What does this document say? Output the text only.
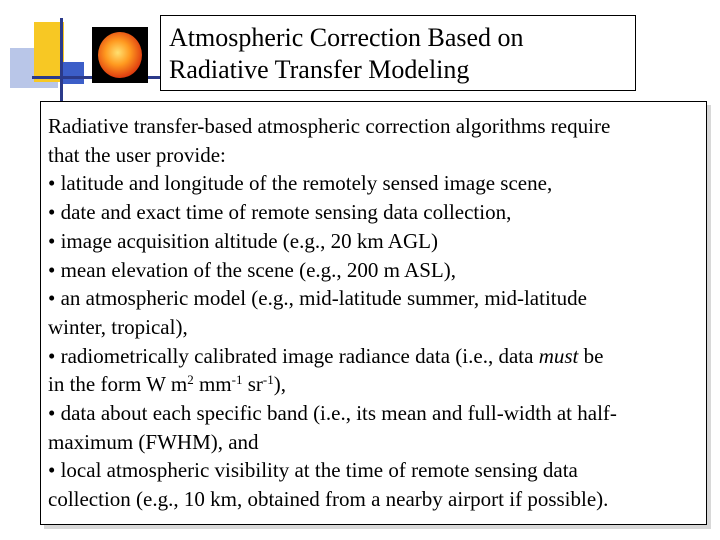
Atmospheric Correction Based on
Radiative Transfer Modeling

Radiative transfer-based atmospheric correction algorithms require

that the user provide:

• latitude and longitude of the remotely sensed image scene,

• date and exact time of remote sensing data collection,

• image acquisition altitude (e.g., 20 km AGL)

• mean elevation of the scene (e.g., 200 m ASL),

• an atmospheric model (e.g., mid-latitude summer, mid-latitude

winter, tropical),

• radiometrically calibrated image radiance data (i.e., data must be

in the form W $m^2$ $mm^{-1}$ $sr^{-1}$),

• data about each specific band (i.e., its mean and full-width at half-

maximum (FWHM), and

• local atmospheric visibility at the time of remote sensing data

collection (e.g., 10 km, obtained from a nearby airport if possible).
